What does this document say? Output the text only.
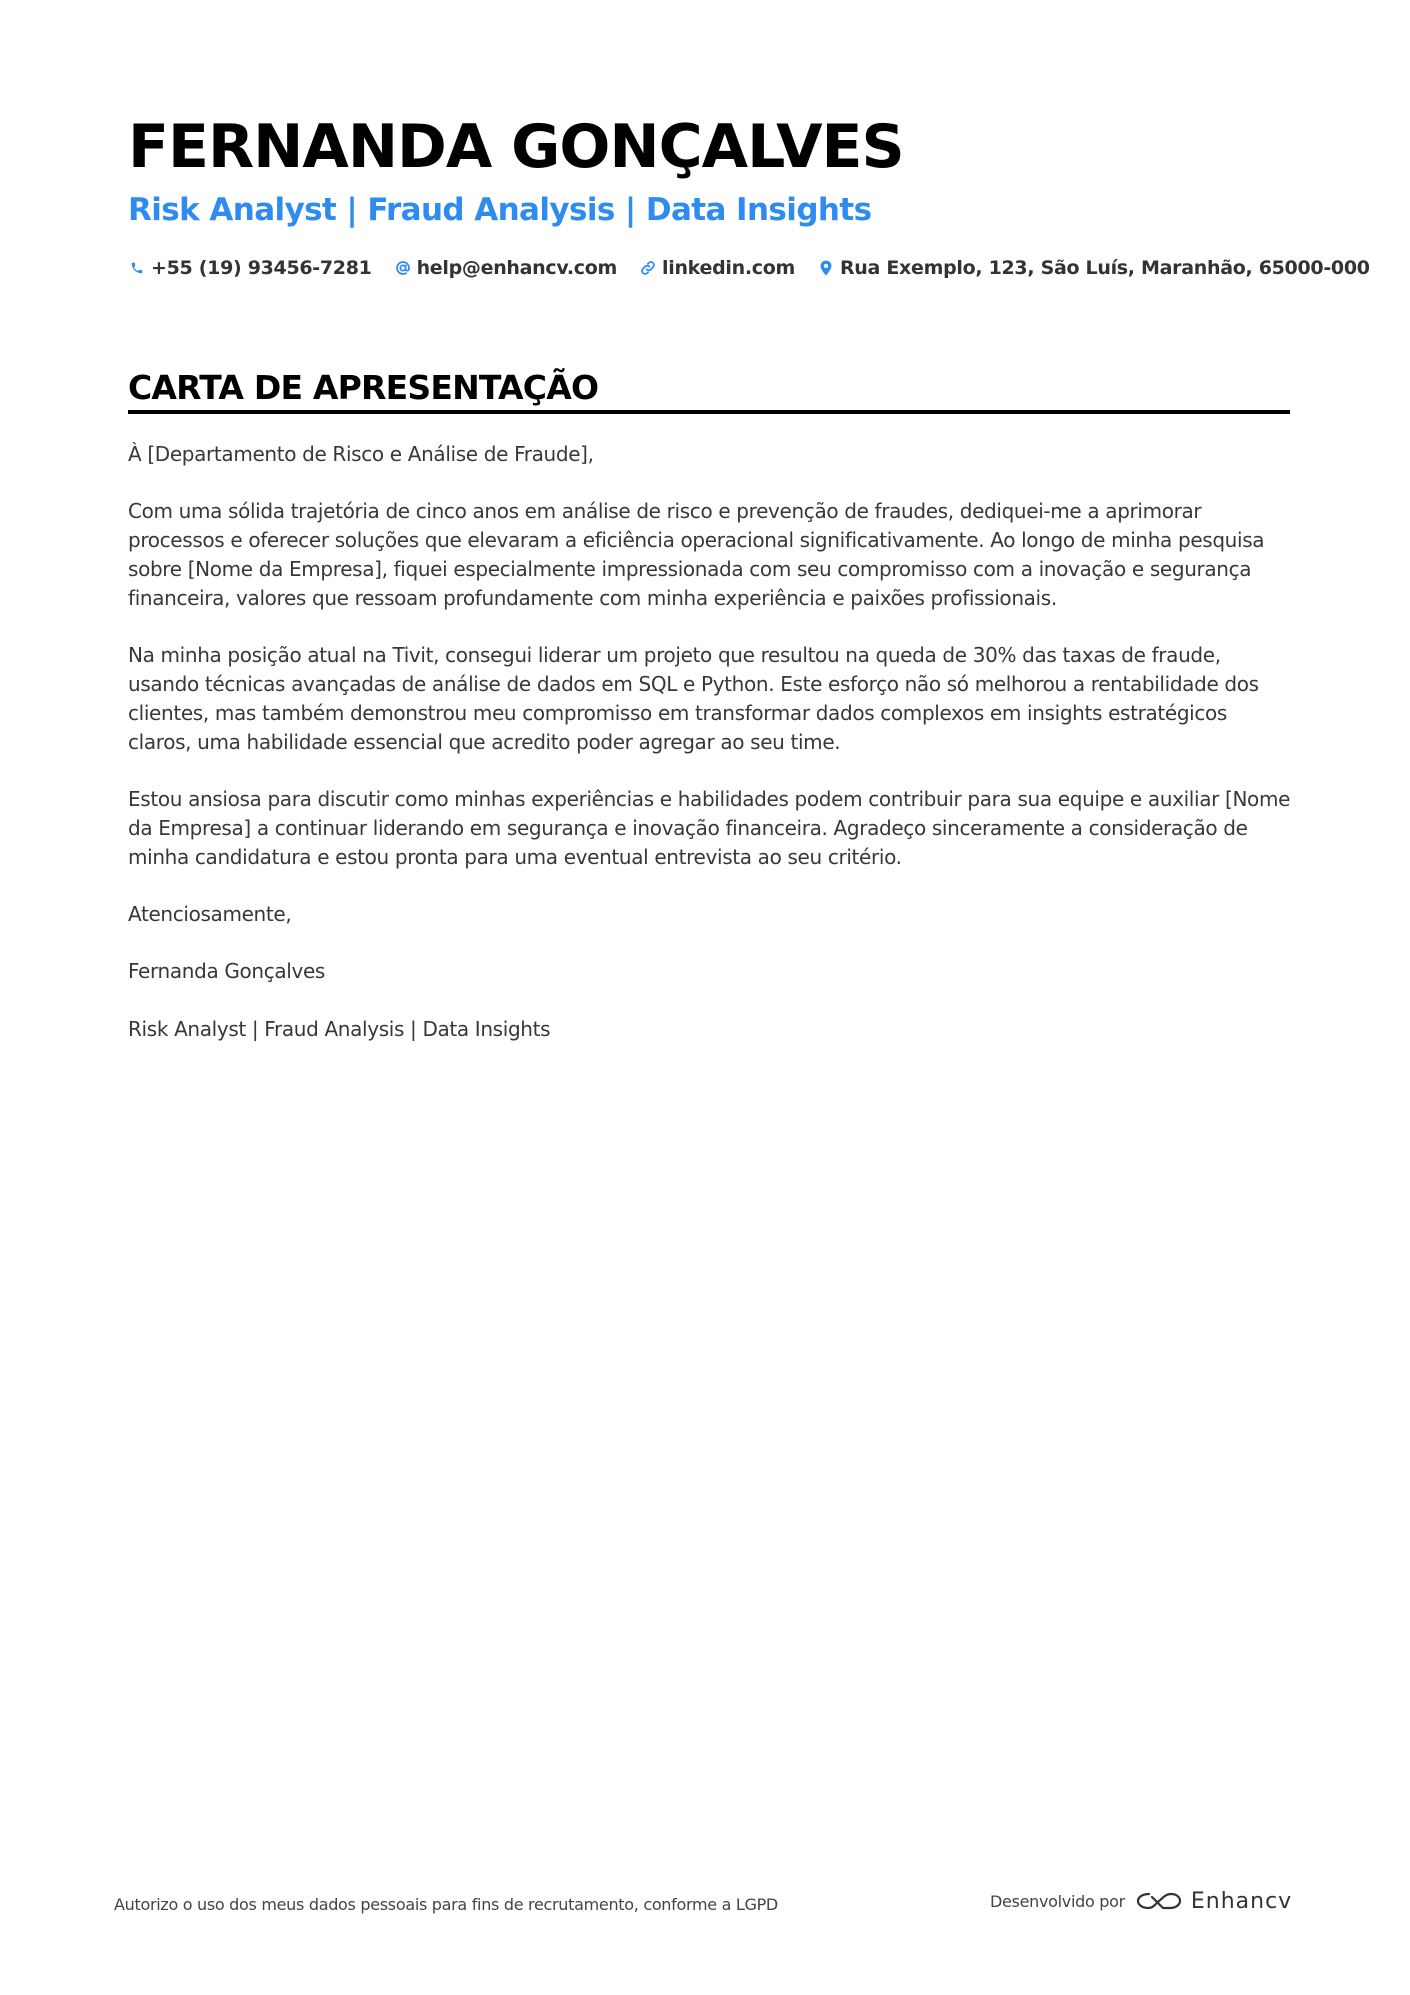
FERNANDA GONÇALVES
Risk Analyst | Fraud Analysis | Data Insights
+55 (19) 93456-7281 help@enhancv.com linkedin.com Rua Exemplo, 123, São Luís, Maranhão, 65000-000
CARTA DE APRESENTAÇÃO

À [Departamento de Risco e Análise de Fraude],

Com uma sólida trajetória de cinco anos em análise de risco e prevenção de fraudes, dediquei-me a aprimorar processos e oferecer soluções que elevaram a eficiência operacional significativamente. Ao longo de minha pesquisa sobre [Nome da Empresa], fiquei especialmente impressionada com seu compromisso com a inovação e segurança financeira, valores que ressoam profundamente com minha experiência e paixões profissionais.

Na minha posição atual na Tivit, consegui liderar um projeto que resultou na queda de 30% das taxas de fraude, usando técnicas avançadas de análise de dados em SQL e Python. Este esforço não só melhorou a rentabilidade dos clientes, mas também demonstrou meu compromisso em transformar dados complexos em insights estratégicos claros, uma habilidade essencial que acredito poder agregar ao seu time.

Estou ansiosa para discutir como minhas experiências e habilidades podem contribuir para sua equipe e auxiliar [Nome da Empresa] a continuar liderando em segurança e inovação financeira. Agradeço sinceramente a consideração de minha candidatura e estou pronta para uma eventual entrevista ao seu critério.

Atenciosamente,

Fernanda Gonçalves

Risk Analyst | Fraud Analysis | Data Insights

Autorizo o uso dos meus dados pessoais para fins de recrutamento, conforme a LGPD	Desenvolvido por	Enhancv
